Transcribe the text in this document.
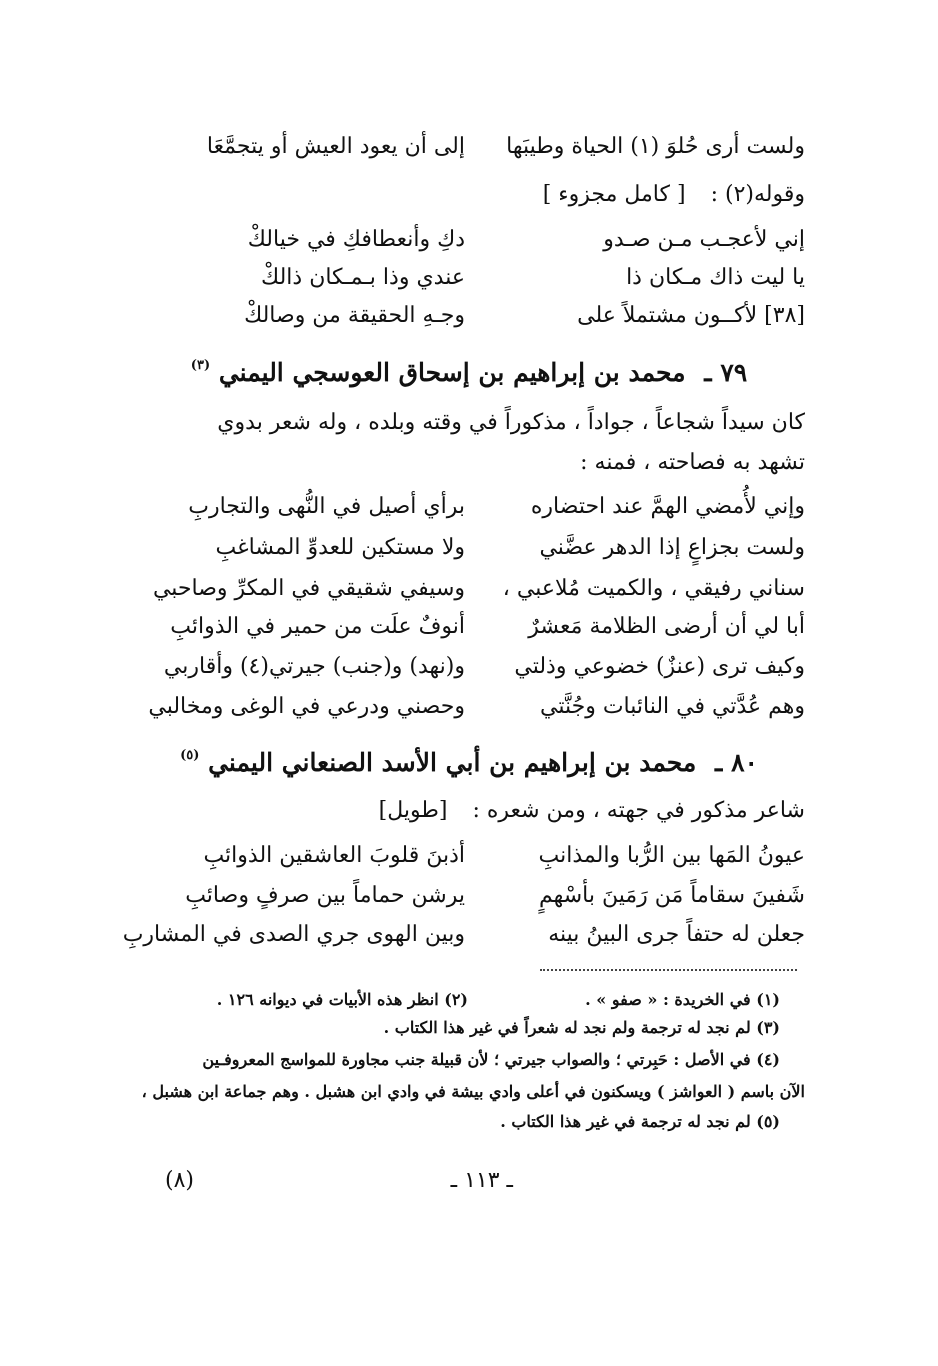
ولست أرى حُلوَ (١) الحياة وطيبَها
إلى أن يعود العيش أو يتجمَّعَا
وقوله(٢) : [ كامل مجزوء ]
إني لأعجـب مـن صـدو
دكِ وأنعطافكِ في خيالكْ
يا ليت ذاك مـكان ذا
عندي وذا بـمـكان ذالكْ
[٣٨] لأكــون مشتملاً على
وجـهِ الحقيقة من وصالكْ
٧٩ ـ محمد بن إبراهيم بن إسحاق العوسجي اليمني $^{(٣)}$
كان سيداً شجاعاً ، جواداً ، مذكوراً في وقته وبلده ، وله شعر بدوي
تشهد به فصاحته ، فمنه :
وإني لأُمضي الهمَّ عند احتضاره
برأي أصيل في النُّهى والتجاربِ
ولست بجزاعٍ إذا الدهر عضَّني
ولا مستكين للعدوِّ المشاغبِ
سناني رفيقي ، والكميت مُلاعبي ،
وسيفي شقيقي في المكرِّ وصاحبي
أبا لي أن أرضى الظلامة مَعشرٌ
أنوفٌ علَت من حمير في الذوائبِ
وكيف ترى (عنزٌ) خضوعي وذلتي
و(نهد) و(جنب) جيرتي(٤) وأقاربي
وهم عُدَّتي في النائبات وجُنَّتي
وحصني ودرعي في الوغى ومخالبي
٨٠ ـ محمد بن إبراهيم بن أبي الأسد الصنعاني اليمني $^{(٥)}$
شاعر مذكور في جهته ، ومن شعره : [طويل]
عيونُ المَها بين الرُّبا والمذانبِ
أذبنَ قلوبَ العاشقين الذوائبِ
شَفينَ سقاماً مَن رَمَينَ بأسْهمٍ
يرشن حماماً بين صرفٍ وصائبِ
جعلن له حتفاً جرى البينُ بينه
وبين الهوى جري الصدى في المشاربِ
(١) في الخريدة : « صفو » .
(٢) انظر هذه الأبيات في ديوانه ١٢٦ .
(٣) لم نجد له ترجمة ولم نجد له شعراً في غير هذا الكتاب .
(٤) في الأصل : حَبِرتي ؛ والصواب جيرتي ؛ لأن قبيلة جنب مجاورة للمواسج المعروفـين
الآن باسم ( العواشز ) ويسكنون في أعلى وادي بيشة في وادي ابن هشبل . وهم جماعة ابن هشبل ،
(٥) لم نجد له ترجمة في غير هذا الكتاب .
ـ ١١٣ ـ
(٨)
